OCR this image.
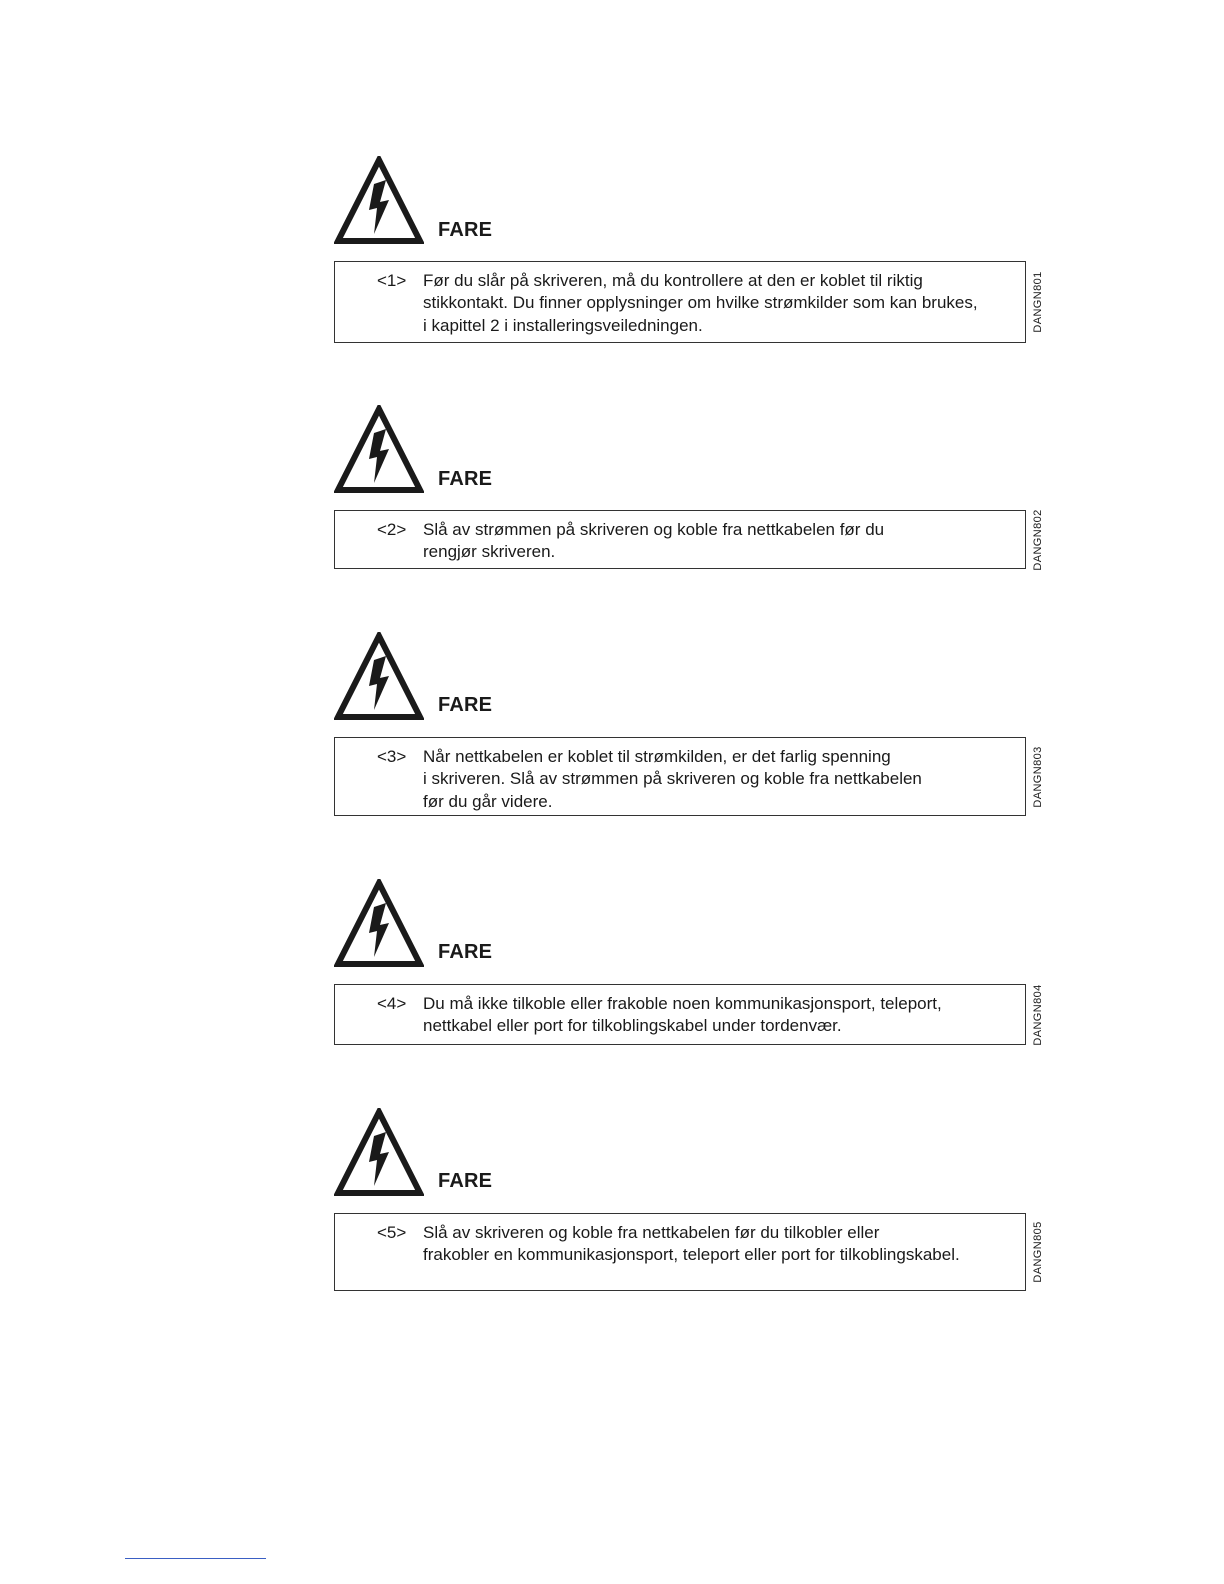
FARE
<1> Før du slår på skriveren, må du kontrollere at den er koblet til riktig
stikkontakt. Du finner opplysninger om hvilke strømkilder som kan brukes,
i kapittel 2 i installeringsveiledningen.	DANGN801
FARE
<2> Slå av strømmen på skriveren og koble fra nettkabelen før du
rengjør skriveren.	DANGN802
FARE
<3> Når nettkabelen er koblet til strømkilden, er det farlig spenning
i skriveren. Slå av strømmen på skriveren og koble fra nettkabelen
før du går videre.	DANGN803
FARE
<4> Du må ikke tilkoble eller frakoble noen kommunikasjonsport, teleport,
nettkabel eller port for tilkoblingskabel under tordenvær.	DANGN804
FARE
<5> Slå av skriveren og koble fra nettkabelen før du tilkobler eller
frakobler en kommunikasjonsport, teleport eller port for tilkoblingskabel.	DANGN805
